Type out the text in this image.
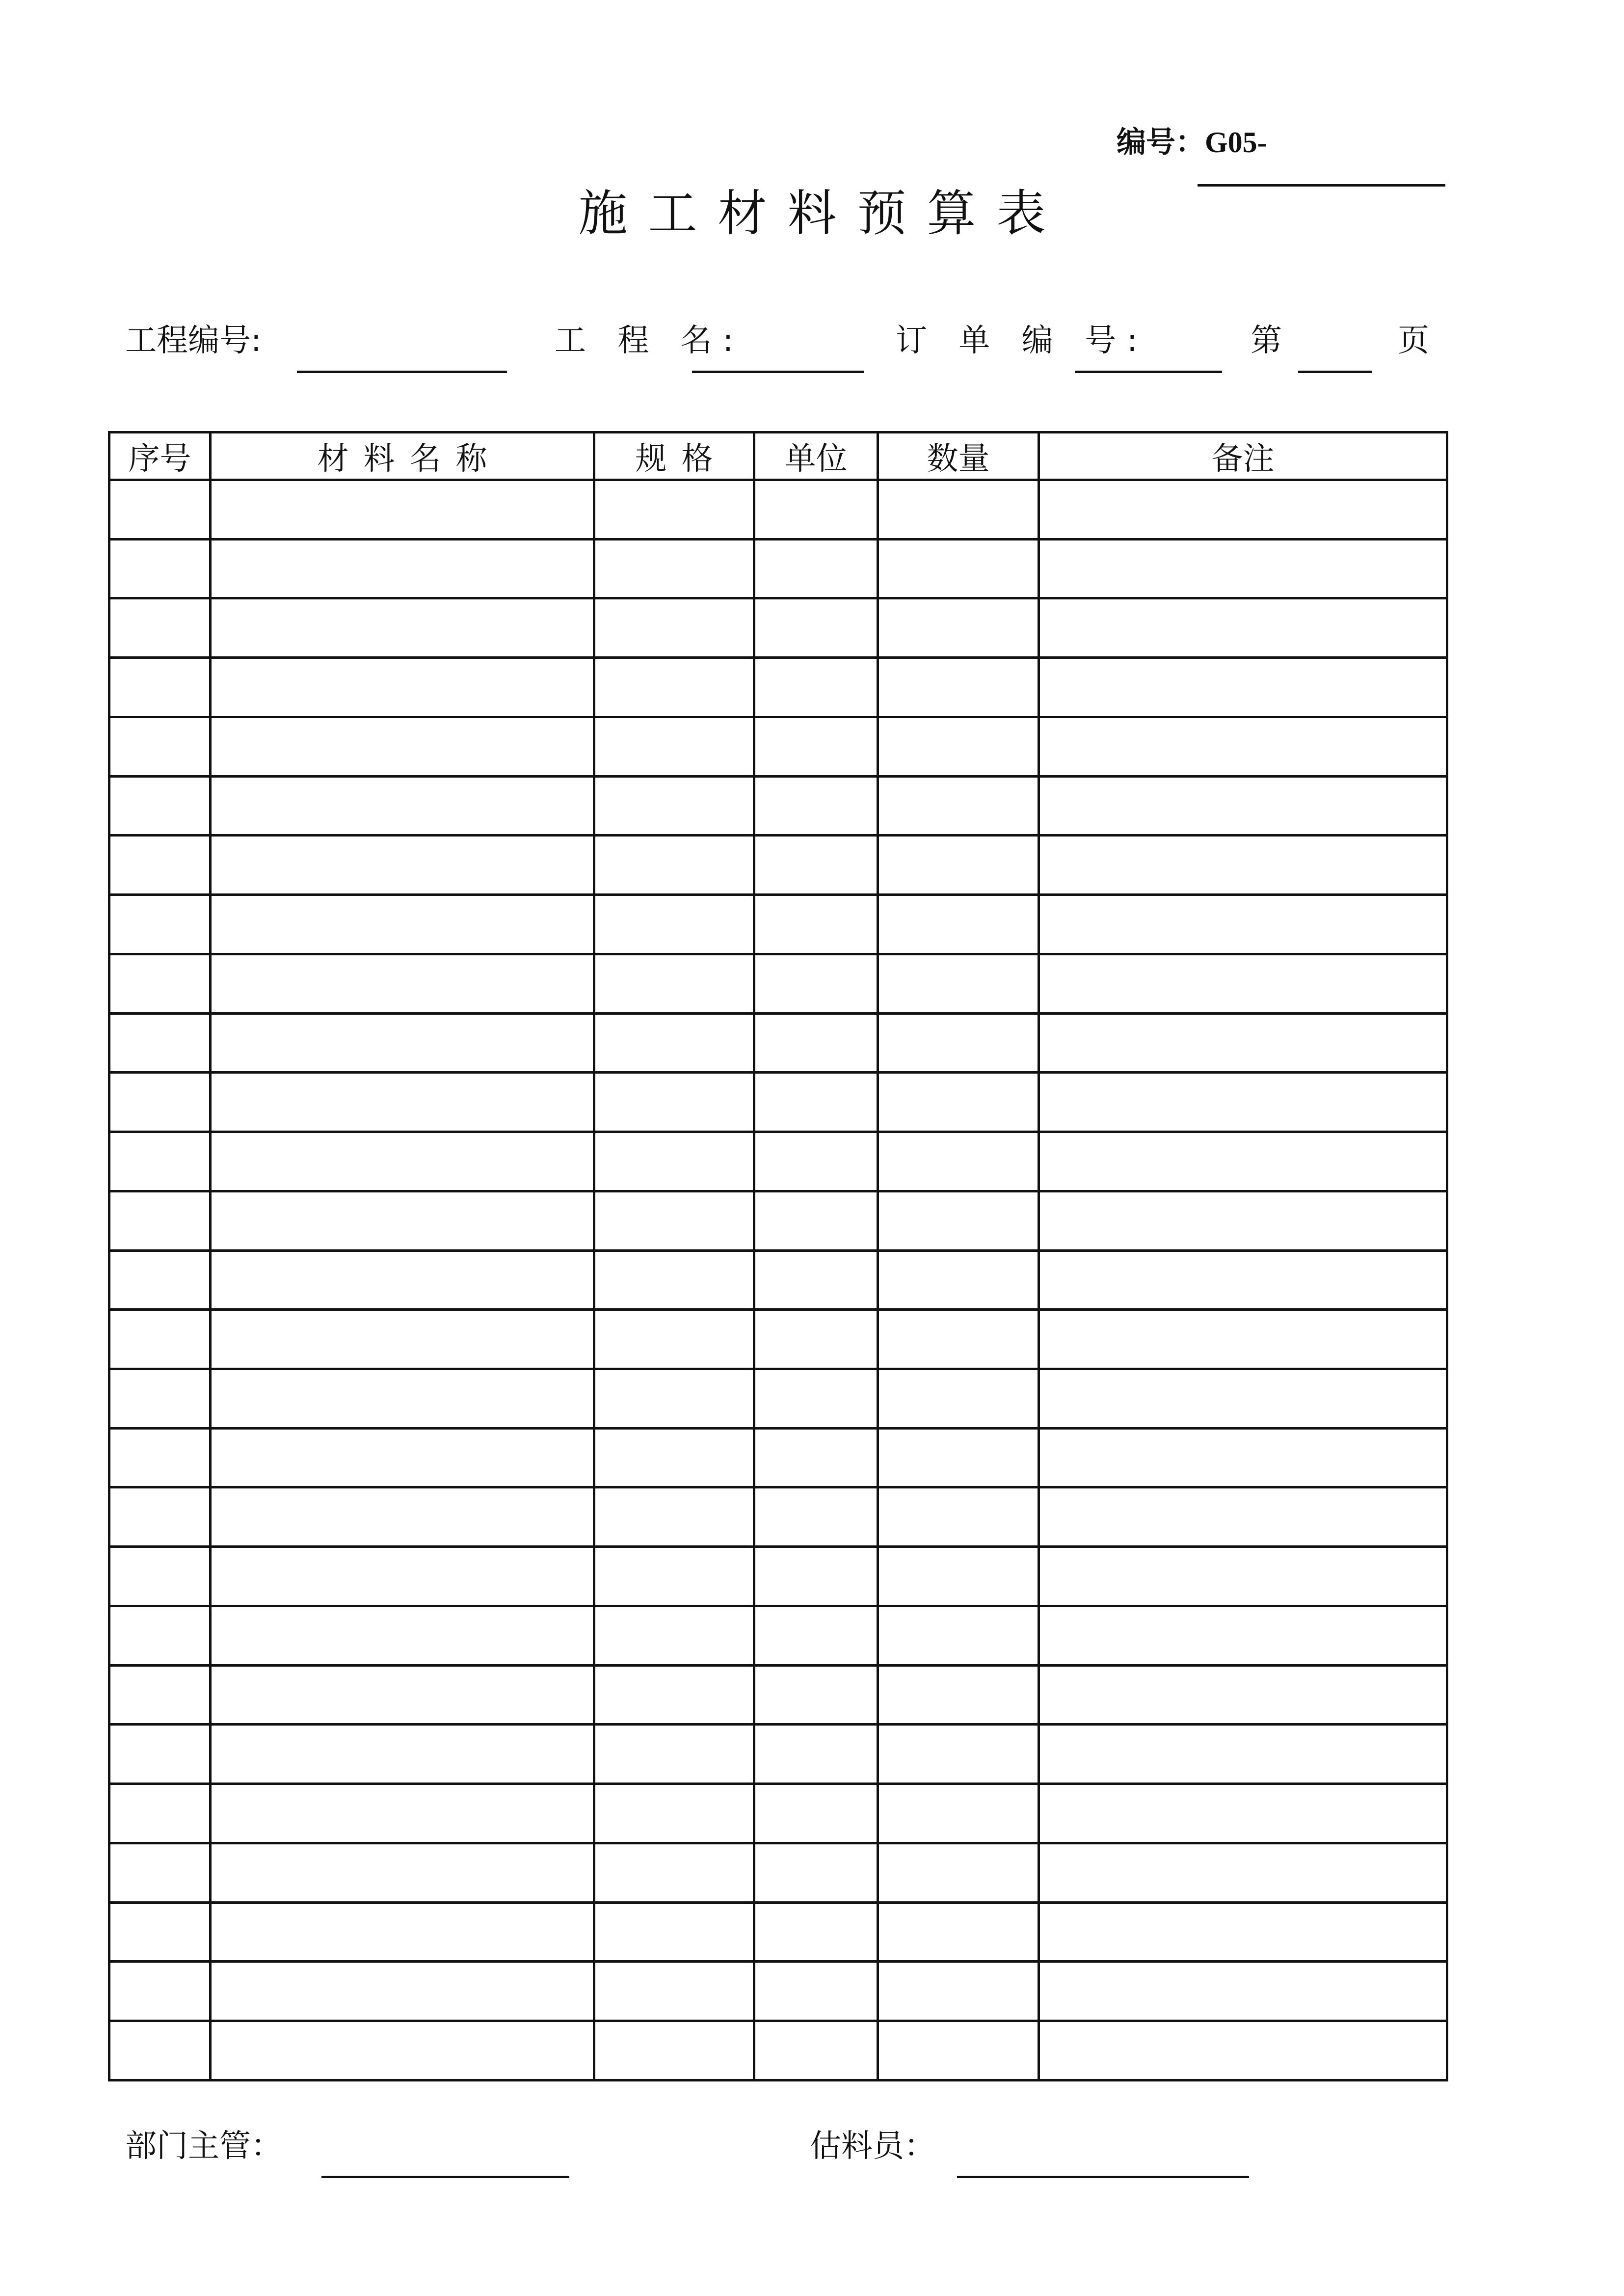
编号：G05-
施工材料预算表
工程编号:	工 程 名:	订 单 编 号:	第	页
序号	材料名称	规格	单位	数量	备注

部门主管：	估料员：
